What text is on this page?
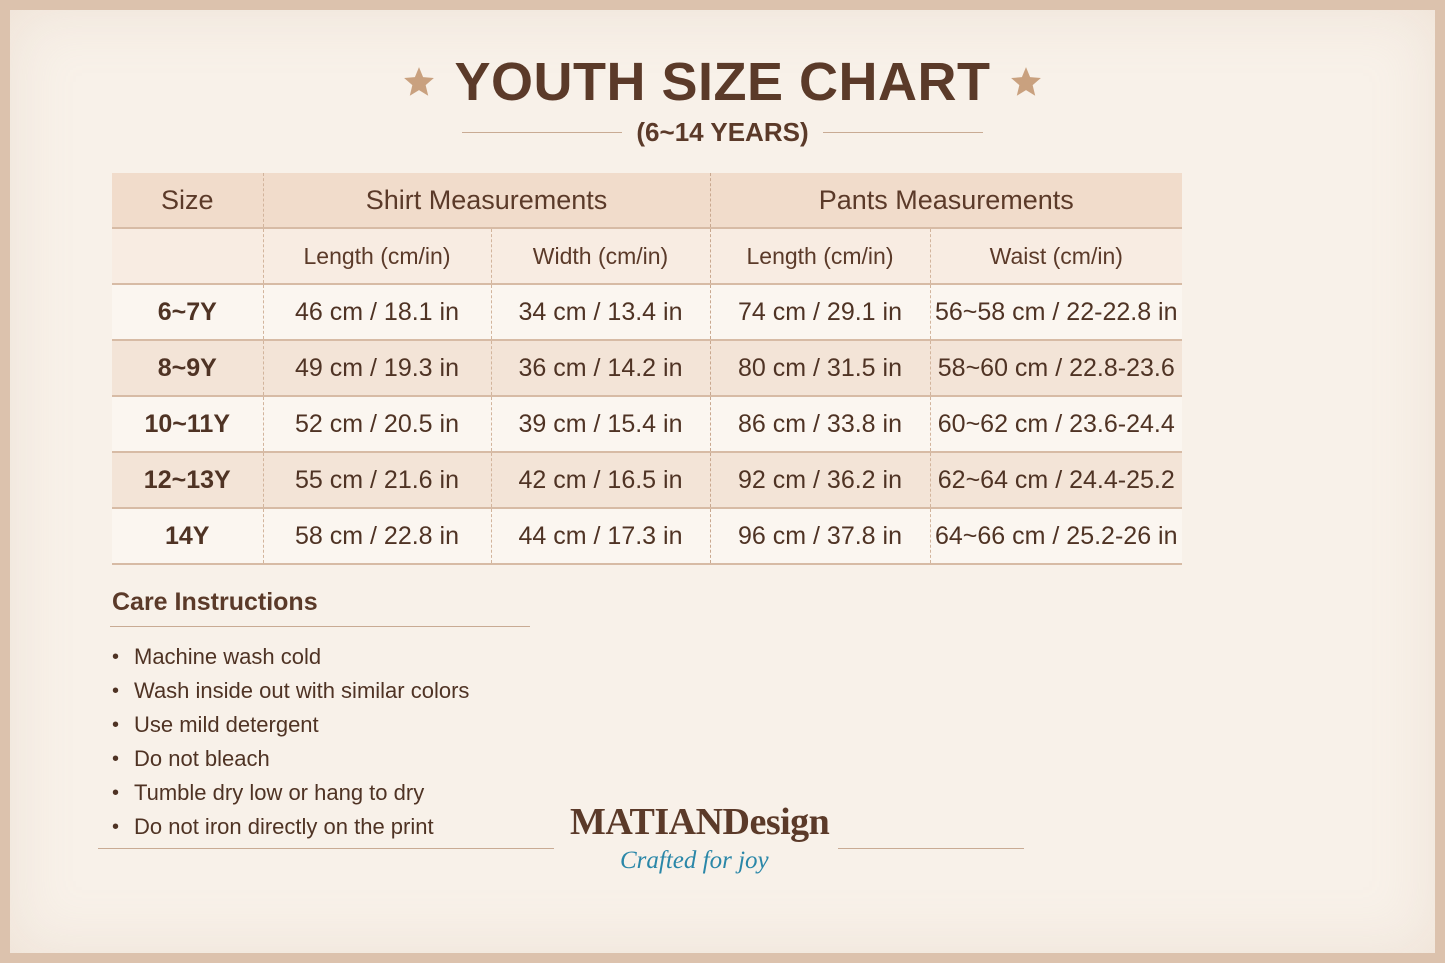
YOUTH SIZE CHART
(6~14 YEARS)
Size	Shirt Measurements		Pants Measurements	
	Length (cm/in)	Width (cm/in)	Length (cm/in)	Waist (cm/in)
6~7Y	46 cm / 18.1 in	34 cm / 13.4 in	74 cm / 29.1 in	56~58 cm / 22-22.8 in
8~9Y	49 cm / 19.3 in	36 cm / 14.2 in	80 cm / 31.5 in	58~60 cm / 22.8-23.6
10~11Y	52 cm / 20.5 in	39 cm / 15.4 in	86 cm / 33.8 in	60~62 cm / 23.6-24.4
12~13Y	55 cm / 21.6 in	42 cm / 16.5 in	92 cm / 36.2 in	62~64 cm / 24.4-25.2
14Y	58 cm / 22.8 in	44 cm / 17.3 in	96 cm / 37.8 in	64~66 cm / 25.2-26 in
Care Instructions
• Machine wash cold
• Wash inside out with similar colors
• Use mild detergent
• Do not bleach
• Tumble dry low or hang to dry
• Do not iron directly on the print	MATIANDesign
Crafted for joy
